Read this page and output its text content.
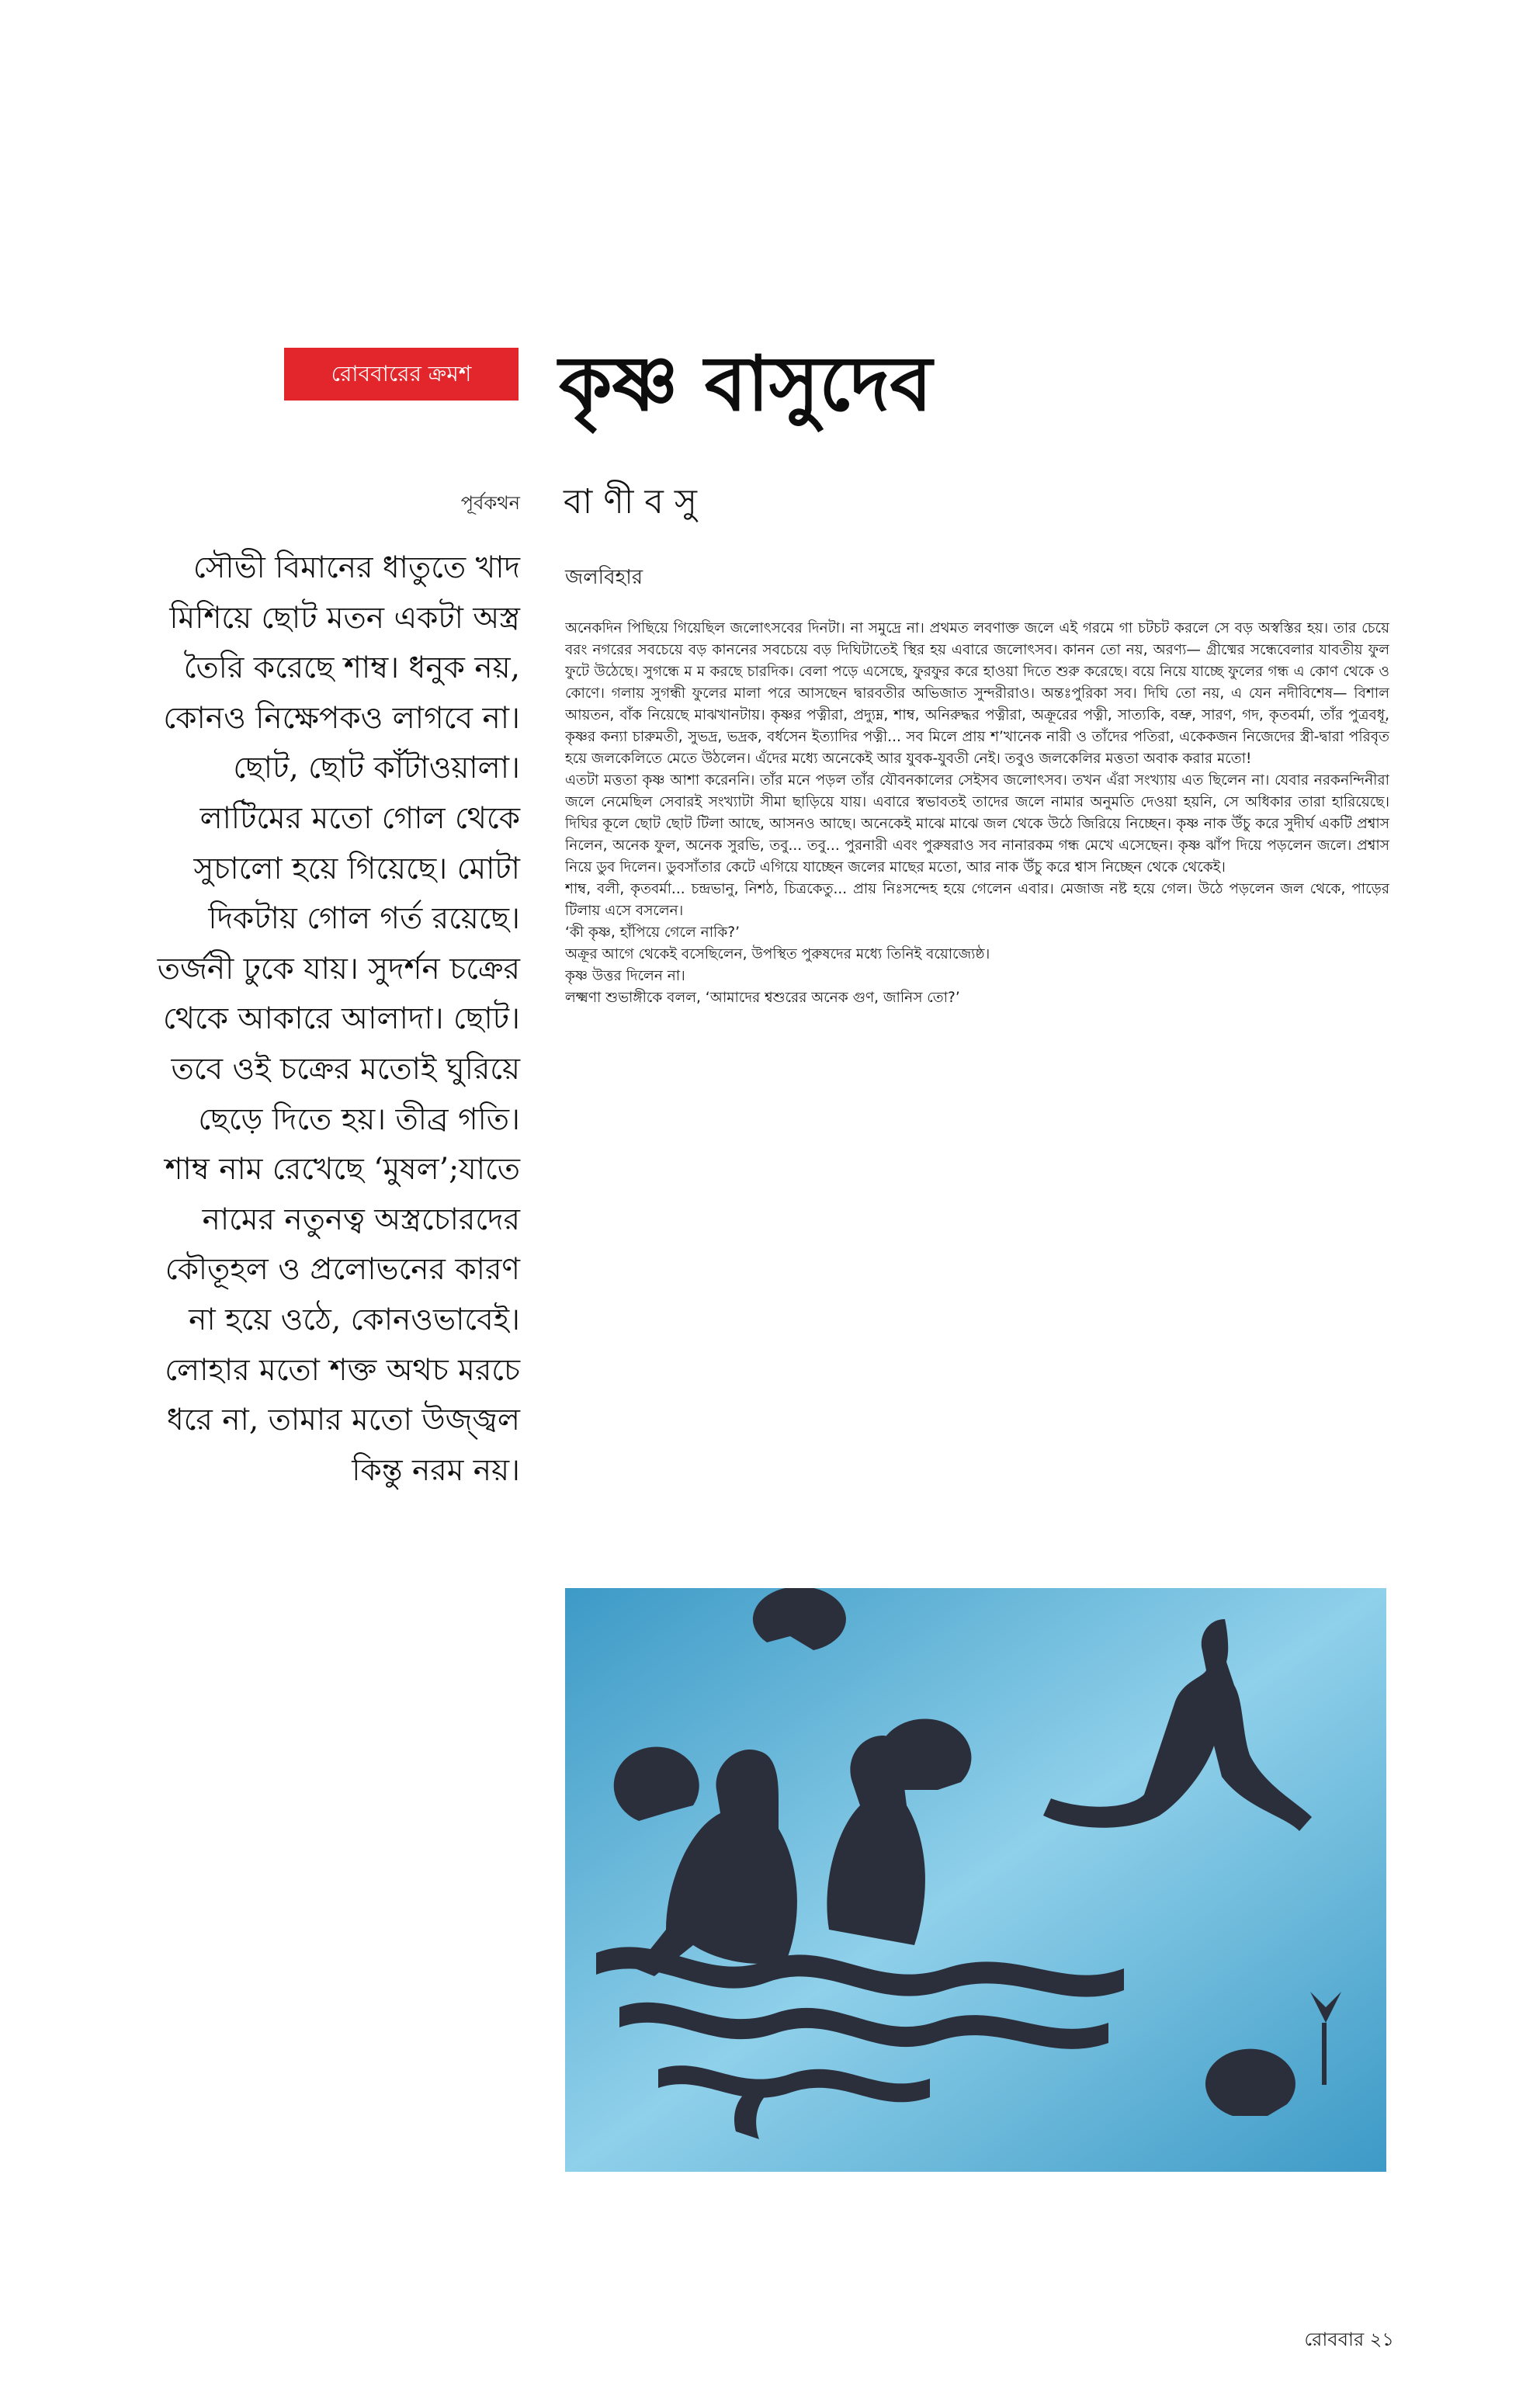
রোববারের ক্রমশ	কৃষ্ণ বাসুদেব
পূর্বকথন বা ণী ব সু

সৌভী বিমানের ধাতুতে খাদ মিশিয়ে ছোট মতন একটা অস্ত্র তৈরি করেছে শাম্ব। ধনুক নয়, কোনও নিক্ষেপকও লাগবে না। ছোট, ছোট কাঁটাওয়ালা। লাটিমের মতো গোল থেকে সুচালো হয়ে গিয়েছে। মোটা দিকটায় গোল গর্ত রয়েছে। তর্জনী ঢুকে যায়। সুদর্শন চক্রের থেকে আকারে আলাদা। ছোট। তবে ওই চক্রের মতোই ঘুরিয়ে ছেড়ে দিতে হয়। তীব্র গতি। শাম্ব নাম রেখেছে ‘মুষল’;যাতে নামের নতুনত্ব অস্ত্রচোরদের কৌতূহল ও প্রলোভনের কারণ না হয়ে ওঠে, কোনওভাবেই। লোহার মতো শক্ত অথচ মরচে ধরে না, তামার মতো উজ্জ্বল কিন্তু নরম নয়।

জলবিহার

অনেকদিন পিছিয়ে গিয়েছিল জলোৎসবের দিনটা। না সমুদ্রে না। প্রথমত লবণাক্ত জলে এই গরমে গা চটচট করলে সে বড় অস্বস্তির হয়। তার চেয়ে বরং নগরের সবচেয়ে বড় কাননের সবচেয়ে বড় দিঘিটাতেই স্থির হয় এবারে জলোৎসব। কানন তো নয়, অরণ্য— গ্রীষ্মের সন্ধেবেলার যাবতীয় ফুল ফুটে উঠেছে। সুগন্ধে ম ম করছে চারদিক। বেলা পড়ে এসেছে, ফুরফুর করে হাওয়া দিতে শুরু করেছে। বয়ে নিয়ে যাচ্ছে ফুলের গন্ধ এ কোণ থেকে ও কোণে। গলায় সুগন্ধী ফুলের মালা পরে আসছেন দ্বারবতীর অভিজাত সুন্দরীরাও। অন্তঃপুরিকা সব। দিঘি তো নয়, এ যেন নদীবিশেষ— বিশাল আয়তন, বাঁক নিয়েছে মাঝখানটায়। কৃষ্ণর পত্নীরা, প্রদ্যুম্ন, শাম্ব, অনিরুদ্ধর পত্নীরা, অক্রূরের পত্নী, সাত্যকি, বভ্রু, সারণ, গদ, কৃতবর্মা, তাঁর পুত্রবধূ, কৃষ্ণর কন্যা চারুমতী, সুভদ্র, ভদ্রক, বর্ধসেন ইত্যাদির পত্নী... সব মিলে প্রায় শ’খানেক নারী ও তাঁদের পতিরা, একেকজন নিজেদের স্ত্রী-দ্বারা পরিবৃত হয়ে জলকেলিতে মেতে উঠলেন। এঁদের মধ্যে অনেকেই আর যুবক-যুবতী নেই। তবুও জলকেলির মত্ততা অবাক করার মতো!

এতটা মত্ততা কৃষ্ণ আশা করেননি। তাঁর মনে পড়ল তাঁর যৌবনকালের সেইসব জলোৎসব। তখন এঁরা সংখ্যায় এত ছিলেন না। যেবার নরকনন্দিনীরা জলে নেমেছিল সেবারই সংখ্যাটা সীমা ছাড়িয়ে যায়। এবারে স্বভাবতই তাদের জলে নামার অনুমতি দেওয়া হয়নি, সে অধিকার তারা হারিয়েছে। দিঘির কূলে ছোট ছোট টিলা আছে, আসনও আছে। অনেকেই মাঝে মাঝে জল থেকে উঠে জিরিয়ে নিচ্ছেন। কৃষ্ণ নাক উঁচু করে সুদীর্ঘ একটি প্রশ্বাস নিলেন, অনেক ফুল, অনেক সুরভি, তবু... তবু... পুরনারী এবং পুরুষরাও সব নানারকম গন্ধ মেখে এসেছেন। কৃষ্ণ ঝাঁপ দিয়ে পড়লেন জলে। প্রশ্বাস নিয়ে ডুব দিলেন। ডুবসাঁতার কেটে এগিয়ে যাচ্ছেন জলের মাছের মতো, আর নাক উঁচু করে শ্বাস নিচ্ছেন থেকে থেকেই।

শাম্ব, বলী, কৃতবর্মা... চন্দ্রভানু, নিশঠ, চিত্রকেতু... প্রায় নিঃসন্দেহ হয়ে গেলেন এবার। মেজাজ নষ্ট হয়ে গেল। উঠে পড়লেন জল থেকে, পাড়ের টিলায় এসে বসলেন।

‘কী কৃষ্ণ, হাঁপিয়ে গেলে নাকি?’

অক্রূর আগে থেকেই বসেছিলেন, উপস্থিত পুরুষদের মধ্যে তিনিই বয়োজ্যেষ্ঠ।

কৃষ্ণ উত্তর দিলেন না।

লক্ষ্মণা শুভাঙ্গীকে বলল, ‘আমাদের শ্বশুরের অনেক গুণ, জানিস তো?’

রোববার ২১
